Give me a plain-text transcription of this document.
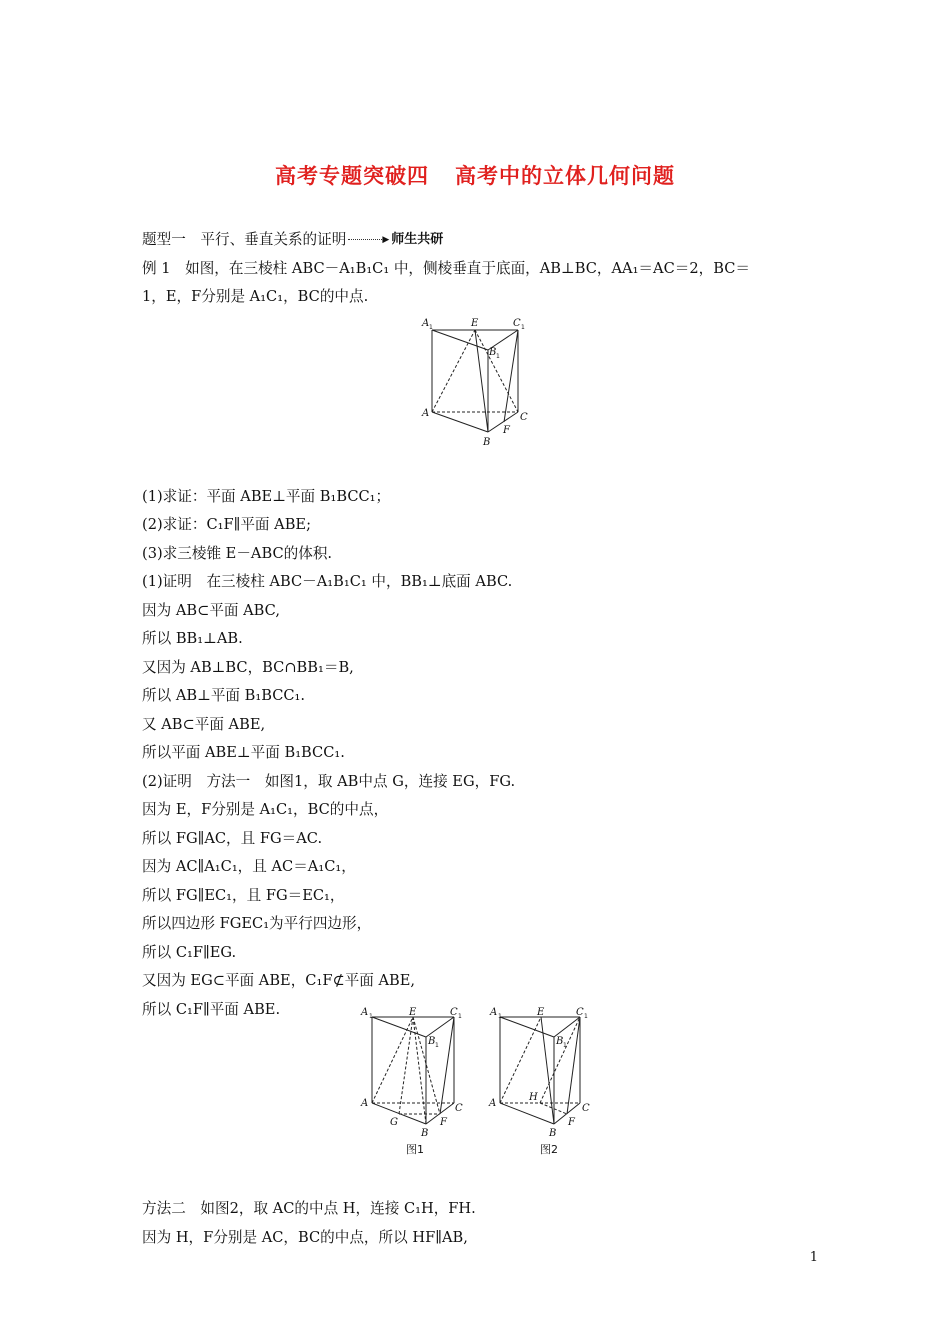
高考专题突破四 高考中的立体几何问题
题型一　平行、垂直关系的证明	▶ 师生共研
例 1　如图，在三棱柱 ABC－A₁B₁C₁ 中，侧棱垂直于底面，AB⊥BC，AA₁＝AC＝2，BC＝
1，E，F分别是 A₁C₁，BC的中点.

(1)求证：平面 ABE⊥平面 B₁BCC₁；
(2)求证：C₁F∥平面 ABE;
(3)求三棱锥 E－ABC的体积.
(1)证明　在三棱柱 ABC－A₁B₁C₁ 中，BB₁⊥底面 ABC.
因为 AB⊂平面 ABC,
所以 BB₁⊥AB.
又因为 AB⊥BC，BC∩BB₁＝B,
所以 AB⊥平面 B₁BCC₁.
又 AB⊂平面 ABE,
所以平面 ABE⊥平面 B₁BCC₁.
(2)证明　方法一　如图1，取 AB中点 G，连接 EG，FG.
因为 E，F分别是 A₁C₁，BC的中点，
所以 FG∥AC，且 FG＝AC.
因为 AC∥A₁C₁，且 AC＝A₁C₁，
所以 FG∥EC₁，且 FG＝EC₁，
所以四边形 FGEC₁为平行四边形，
所以 C₁F∥EG.
又因为 EG⊂平面 ABE，C₁F⊄平面 ABE,
所以 C₁F∥平面 ABE.

方法二　如图2，取 AC的中点 H，连接 C₁H，FH.
因为 H，F分别是 AC，BC的中点，所以 HF∥AB,
A 1	E	C 1
B 1
A	C
B
F
A 1	E	C 1
B 1
A	C
B
F
G
图1
A 1	E	C 1
B 1
A	C
B
F
H
图2
1
